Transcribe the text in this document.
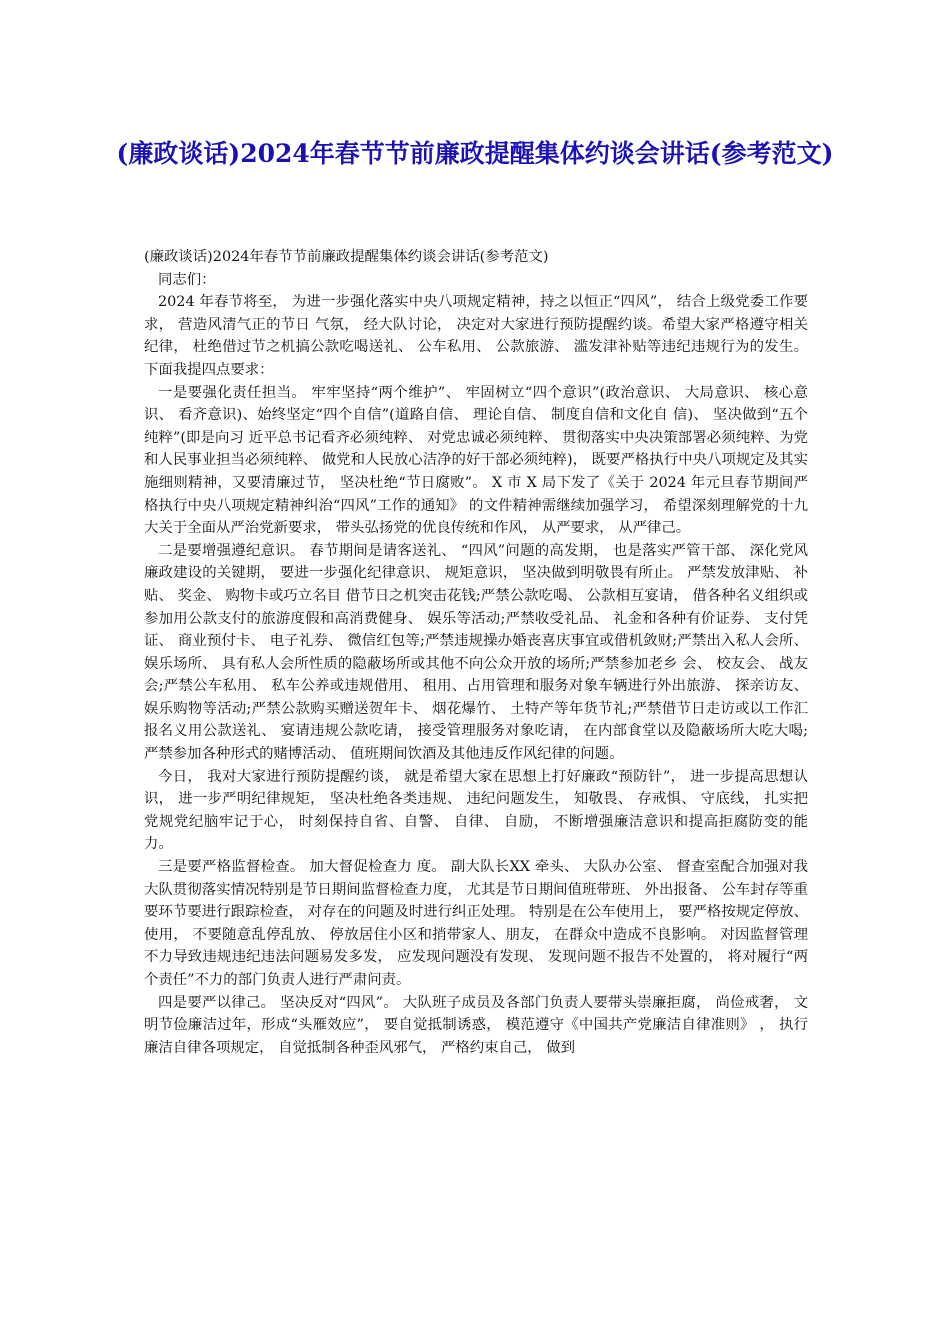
(廉政谈话)2024年春节节前廉政提醒集体约谈会讲话(参考范文)

(廉政谈话)2024年春节节前廉政提醒集体约谈会讲话(参考范文)

同志们：

2024 年春节将至， 为进一步强化落实中央八项规定精神，持之以恒正“四风”， 结合上级党委工作要求， 营造风清气正的节日 气氛， 经大队讨论， 决定对大家进行预防提醒约谈。希望大家严格遵守相关纪律， 杜绝借过节之机搞公款吃喝送礼、 公车私用、 公款旅游、 滥发津补贴等违纪违规行为的发生。 下面我提四点要求：

一是要强化责任担当。 牢牢坚持“两个维护”、 牢固树立“四个意识”(政治意识、 大局意识、 核心意识、 看齐意识)、始终坚定“四个自信”(道路自信、 理论自信、 制度自信和文化自 信)、 坚决做到“五个纯粹”(即是向习 近平总书记看齐必须纯粹、 对党忠诚必须纯粹、 贯彻落实中央决策部署必须纯粹、为党和人民事业担当必须纯粹、 做党和人民放心洁净的好干部必须纯粹)， 既要严格执行中央八项规定及其实施细则精神，又要清廉过节， 坚决杜绝“节日腐败”。 X 市 X 局下发了《关于 2024 年元旦春节期间严格执行中央八项规定精神纠治“四风”工作的通知》 的文件精神需继续加强学习， 希望深刻理解党的十九大关于全面从严治党新要求， 带头弘扬党的优良传统和作风， 从严要求， 从严律己。

二是要增强遵纪意识。 春节期间是请客送礼、 “四风”问题的高发期， 也是落实严管干部、 深化党风廉政建设的关键期， 要进一步强化纪律意识、 规矩意识， 坚决做到明敬畏有所止。 严禁发放津贴、 补贴、 奖金、 购物卡或巧立名目 借节日之机突击花钱;严禁公款吃喝、 公款相互宴请， 借各种名义组织或参加用公款支付的旅游度假和高消费健身、 娱乐等活动;严禁收受礼品、 礼金和各种有价证券、 支付凭证、 商业预付卡、 电子礼券、 微信红包等;严禁违规操办婚丧喜庆事宜或借机敛财;严禁出入私人会所、 娱乐场所、 具有私人会所性质的隐蔽场所或其他不向公众开放的场所;严禁参加老乡 会、 校友会、 战友会;严禁公车私用、 私车公养或违规借用、 租用、占用管理和服务对象车辆进行外出旅游、 探亲访友、 娱乐购物等活动;严禁公款购买赠送贺年卡、 烟花爆竹、 土特产等年货节礼;严禁借节日走访或以工作汇报名义用公款送礼、 宴请违规公款吃请， 接受管理服务对象吃请， 在内部食堂以及隐蔽场所大吃大喝;严禁参加各种形式的赌博活动、 值班期间饮酒及其他违反作风纪律的问题。

今日， 我对大家进行预防提醒约谈， 就是希望大家在思想上打好廉政“预防针”， 进一步提高思想认识， 进一步严明纪律规矩， 坚决杜绝各类违规、 违纪问题发生， 知敬畏、 存戒惧、 守底线， 扎实把党规党纪脑牢记于心， 时刻保持自省、自警、 自律、 自励， 不断增强廉洁意识和提高拒腐防变的能力。

三是要严格监督检查。 加大督促检查力 度。 副大队长XX 牵头、 大队办公室、 督查室配合加强对我大队贯彻落实情况特别是节日期间监督检查力度， 尤其是节日期间值班带班、 外出报备、 公车封存等重要环节要进行跟踪检查， 对存在的问题及时进行纠正处理。 特别是在公车使用上， 要严格按规定停放、 使用， 不要随意乱停乱放、 停放居住小区和捎带家人、朋友， 在群众中造成不良影响。 对因监督管理不力导致违规违纪违法问题易发多发， 应发现问题没有发现、 发现问题不报告不处置的， 将对履行“两个责任”不力的部门负责人进行严肃问责。

四是要严以律己。 坚决反对“四风”。 大队班子成员及各部门负责人要带头崇廉拒腐， 尚俭戒奢， 文明节俭廉洁过年，形成“头雁效应”， 要自觉抵制诱惑， 模范遵守《中国共产党廉洁自律准则》 ， 执行廉洁自律各项规定， 自觉抵制各种歪风邪气， 严格约束自己， 做到
